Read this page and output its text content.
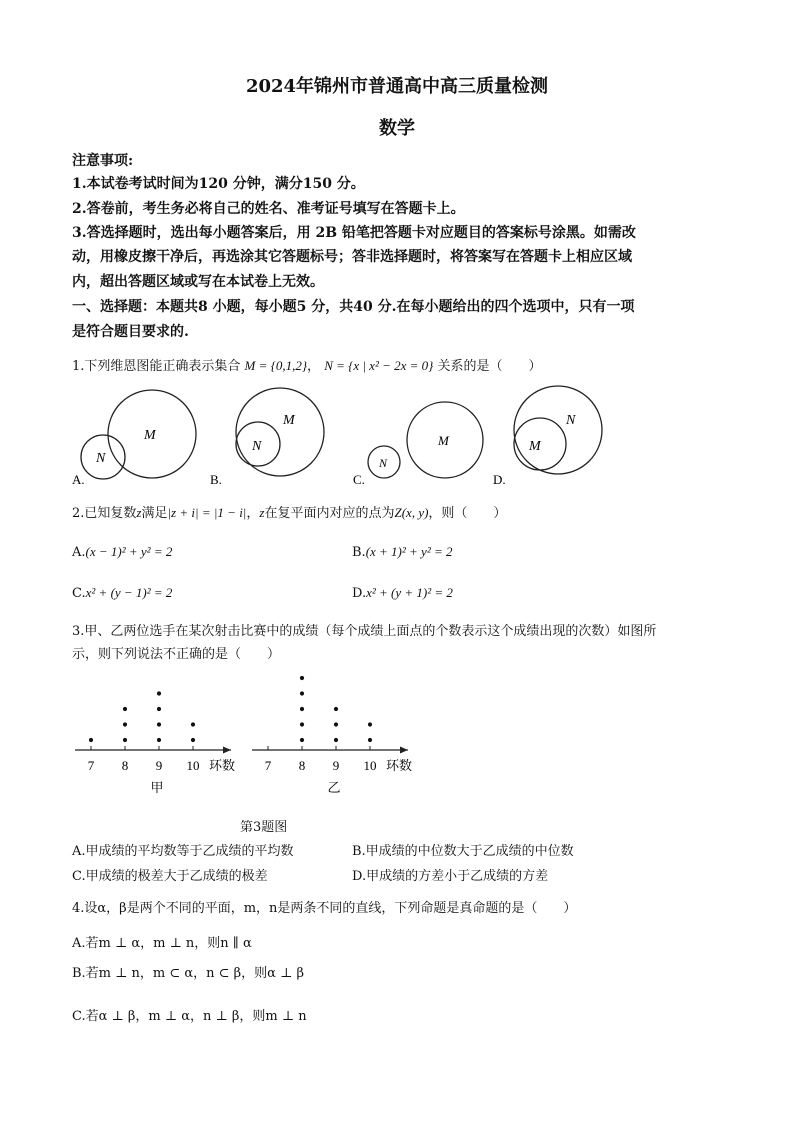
2024年锦州市普通高中高三质量检测
数学
注意事项:
1.本试卷考试时间为120 分钟，满分150 分。
2.答卷前，考生务必将自己的姓名、准考证号填写在答题卡上。
3.答选择题时，选出每小题答案后，用 2B 铅笔把答题卡对应题目的答案标号涂黑。如需改
动，用橡皮擦干净后，再选涂其它答题标号；答非选择题时，将答案写在答题卡上相应区域
内，超出答题区域或写在本试卷上无效。
一、选择题：本题共8 小题，每小题5 分，共40 分.在每小题给出的四个选项中，只有一项
是符合题目要求的.
1.下列维恩图能正确表示集合 M = {0,1,2}， N = {x | x² − 2x = 0} 关系的是（　　）
M
N
A.
M
N
B.
M
N
C.
N
M
D.
2.已知复数z满足|z + i| = |1 − i|，z在复平面内对应的点为Z(x, y)，则（　　）
A.(x − 1)² + y² = 2	B.(x + 1)² + y² = 2
C.x² + (y − 1)² = 2	D.x² + (y + 1)² = 2
3.甲、乙两位选手在某次射击比赛中的成绩（每个成绩上面点的个数表示这个成绩出现的次数）如图所
示，则下列说法不正确的是（　　）
7 8 9 10 环数
甲
7 8 9 10 环数
乙
第3题图
A.甲成绩的平均数等于乙成绩的平均数	B.甲成绩的中位数大于乙成绩的中位数
C.甲成绩的极差大于乙成绩的极差	D.甲成绩的方差小于乙成绩的方差
4.设α，β是两个不同的平面，m，n是两条不同的直线，下列命题是真命题的是（　　）
A.若m ⊥ α，m ⊥ n，则n ∥ α
B.若m ⊥ n，m ⊂ α，n ⊂ β，则α ⊥ β
C.若α ⊥ β，m ⊥ α，n ⊥ β，则m ⊥ n
